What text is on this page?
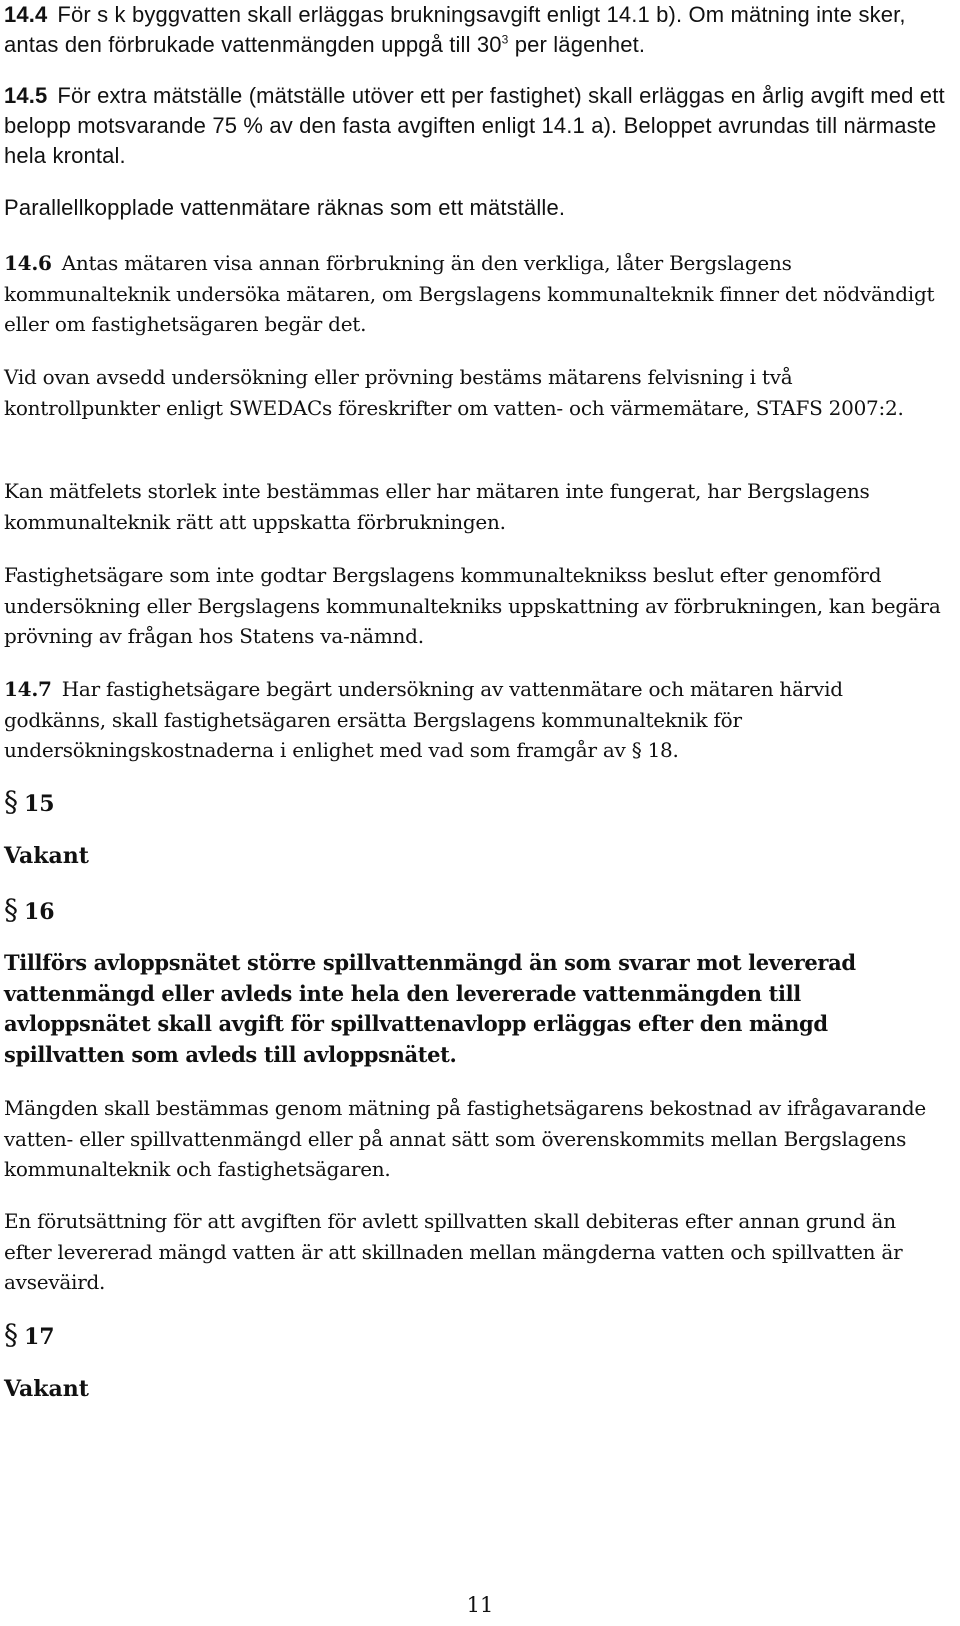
14.4 För s k byggvatten skall erläggas brukningsavgift enligt 14.1 b). Om mätning inte sker, antas den förbrukade vattenmängden uppgå till $30^3$ per lägenhet.

14.5 För extra mätställe (mätställe utöver ett per fastighet) skall erläggas en årlig avgift med ett belopp motsvarande 75 % av den fasta avgiften enligt 14.1 a). Beloppet avrundas till närmaste hela krontal.

Parallellkopplade vattenmätare räknas som ett mätställe.

14.6 Antas mätaren visa annan förbrukning än den verkliga, låter Bergslagens kommunalteknik undersöka mätaren, om Bergslagens kommunalteknik finner det nödvändigt eller om fastighetsägaren begär det.

Vid ovan avsedd undersökning eller prövning bestäms mätarens felvisning i två kontrollpunkter enligt SWEDACs föreskrifter om vatten- och värmemätare, STAFS 2007:2.

Kan mätfelets storlek inte bestämmas eller har mätaren inte fungerat, har Bergslagens kommunalteknik rätt att uppskatta förbrukningen.

Fastighetsägare som inte godtar Bergslagens kommunalteknikss beslut efter genomförd undersökning eller Bergslagens kommunaltekniks uppskattning av förbrukningen, kan begära prövning av frågan hos Statens va-nämnd.

14.7 Har fastighetsägare begärt undersökning av vattenmätare och mätaren härvid godkänns, skall fastighetsägaren ersätta Bergslagens kommunalteknik för undersökningskostnaderna i enlighet med vad som framgår av § 18.

§ 15

Vakant

§ 16

Tillförs avloppsnätet större spillvattenmängd än som svarar mot levererad vattenmängd eller avleds inte hela den levererade vattenmängden till avloppsnätet skall avgift för spillvattenavlopp erläggas efter den mängd spillvatten som avleds till avloppsnätet.

Mängden skall bestämmas genom mätning på fastighetsägarens bekostnad av ifrågavarande vatten- eller spillvattenmängd eller på annat sätt som överenskommits mellan Bergslagens kommunalteknik och fastighetsägaren.

En förutsättning för att avgiften för avlett spillvatten skall debiteras efter annan grund än efter levererad mängd vatten är att skillnaden mellan mängderna vatten och spillvatten är avseväird.

§ 17

Vakant

11
